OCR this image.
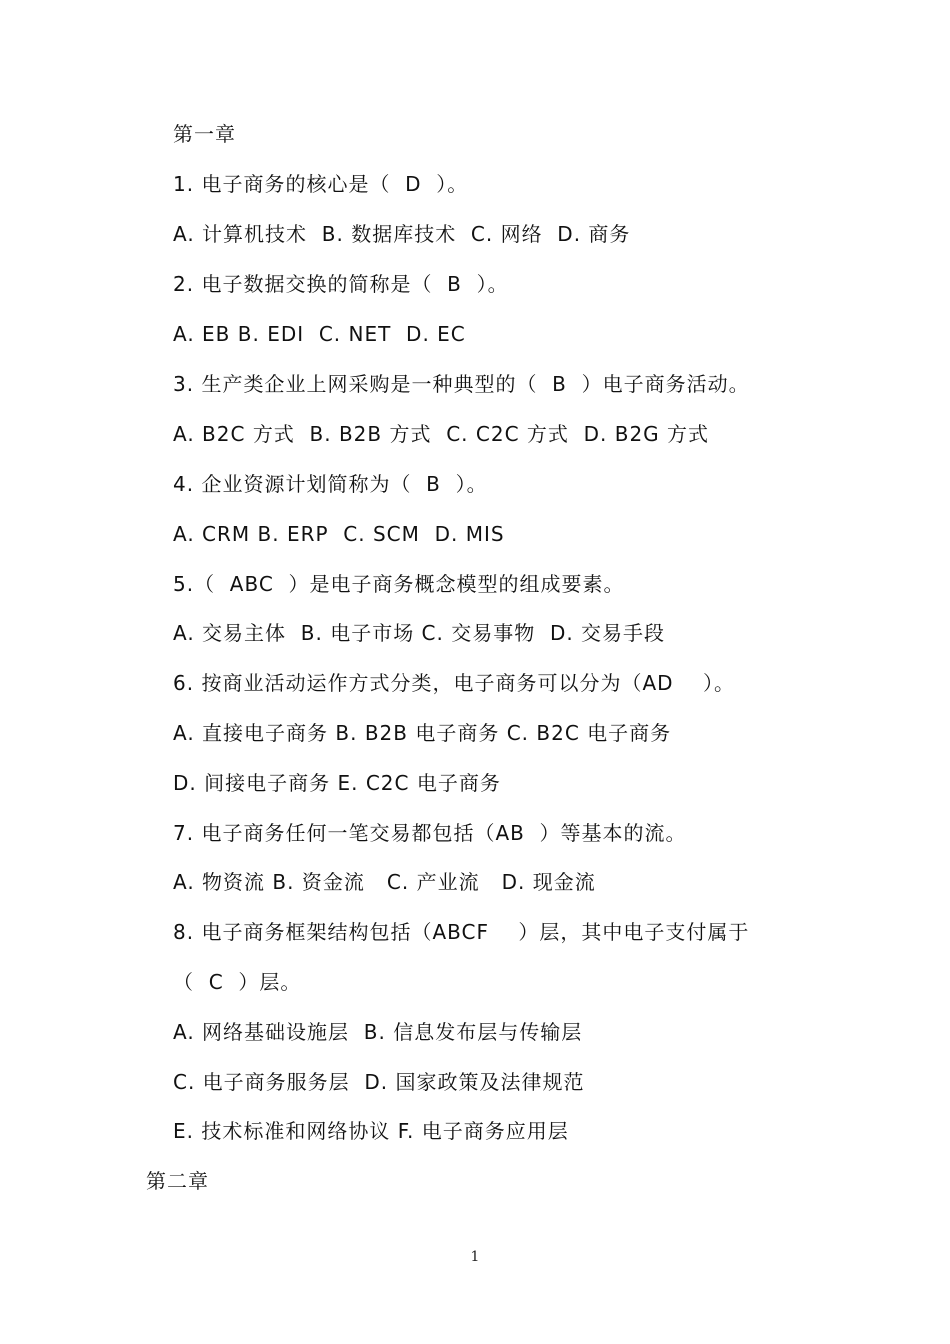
第一章
1. 电子商务的核心是（  D  ）。
A. 计算机技术  B. 数据库技术  C. 网络  D. 商务
2. 电子数据交换的简称是（  B  ）。
A. EB B. EDI  C. NET  D. EC
3. 生产类企业上网采购是一种典型的（  B  ）电子商务活动。
A. B2C 方式  B. B2B 方式  C. C2C 方式  D. B2G 方式
4. 企业资源计划简称为（  B  ）。
A. CRM B. ERP  C. SCM  D. MIS
5.（  ABC  ）是电子商务概念模型的组成要素。
A. 交易主体  B. 电子市场 C. 交易事物  D. 交易手段
6. 按商业活动运作方式分类，电子商务可以分为（AD    ）。
A. 直接电子商务 B. B2B 电子商务 C. B2C 电子商务
D. 间接电子商务 E. C2C 电子商务
7. 电子商务任何一笔交易都包括（AB  ）等基本的流。
A. 物资流 B. 资金流   C. 产业流   D. 现金流
8. 电子商务框架结构包括（ABCF    ）层，其中电子支付属于
（  C  ）层。
A. 网络基础设施层  B. 信息发布层与传输层
C. 电子商务服务层  D. 国家政策及法律规范
E. 技术标准和网络协议 F. 电子商务应用层
第二章
1
